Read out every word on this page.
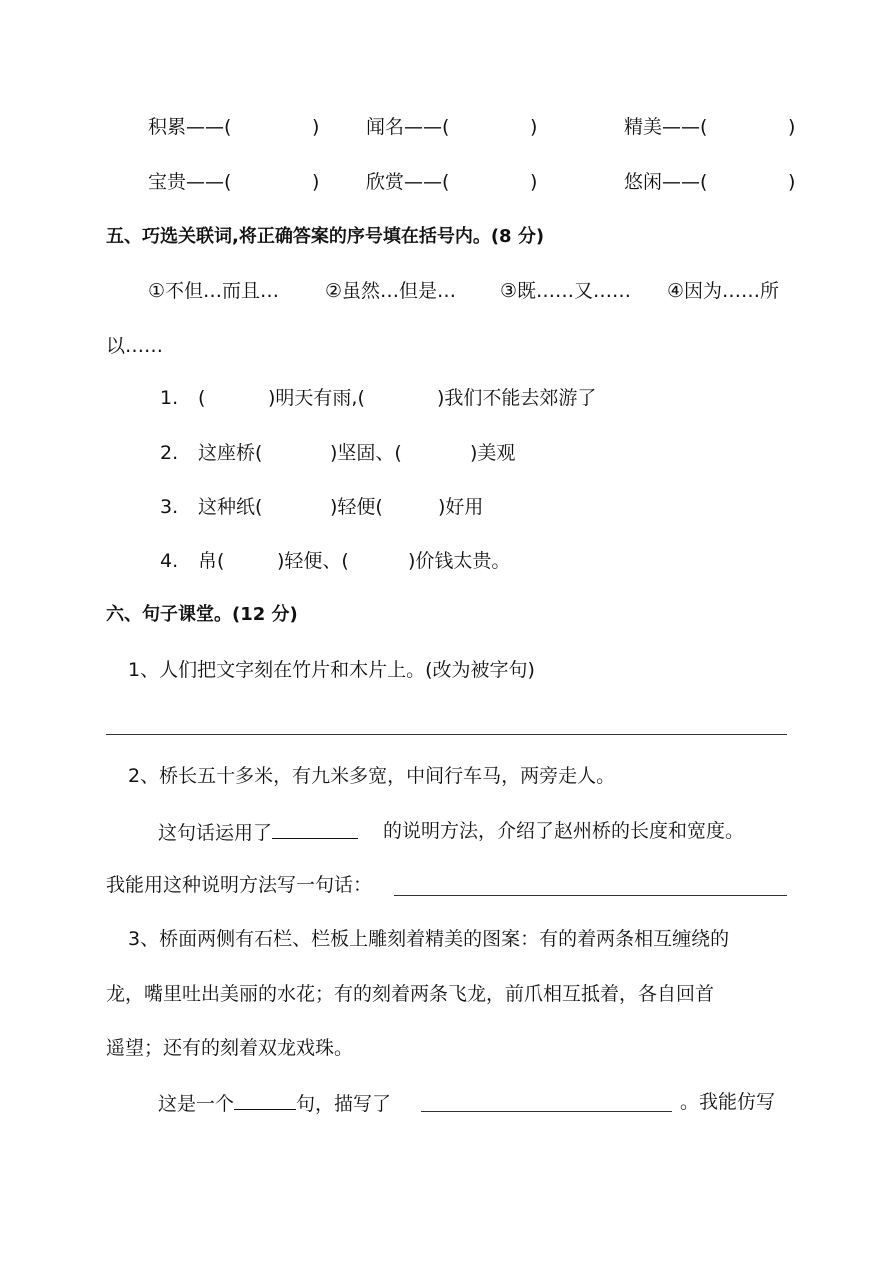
积累——(	) 闻名——(	)	精美——(	)
宝贵——(	) 欣赏——(	)	悠闲——(	)
五、巧选关联词,将正确答案的序号填在括号内。(8 分)
①不但…而且… ②虽然…但是… ③既……又…… ④因为……所
以……
1. (	)明天有雨,(	)我们不能去郊游了
2. 这座桥(	)坚固、(	)美观
3. 这种纸(	)轻便(	)好用
4. 帛(	)轻便、(	)价钱太贵。
六、句子课堂。(12 分)
1、人们把文字刻在竹片和木片上。(改为被字句)
2、桥长五十多米，有九米多宽，中间行车马，两旁走人。
这句话运用了	的说明方法，介绍了赵州桥的长度和宽度。
我能用这种说明方法写一句话：
3、桥面两侧有石栏、栏板上雕刻着精美的图案：有的着两条相互缠绕的
龙，嘴里吐出美丽的水花；有的刻着两条飞龙，前爪相互抵着，各自回首
遥望；还有的刻着双龙戏珠。
这是一个	句，描写了	。我能仿写
